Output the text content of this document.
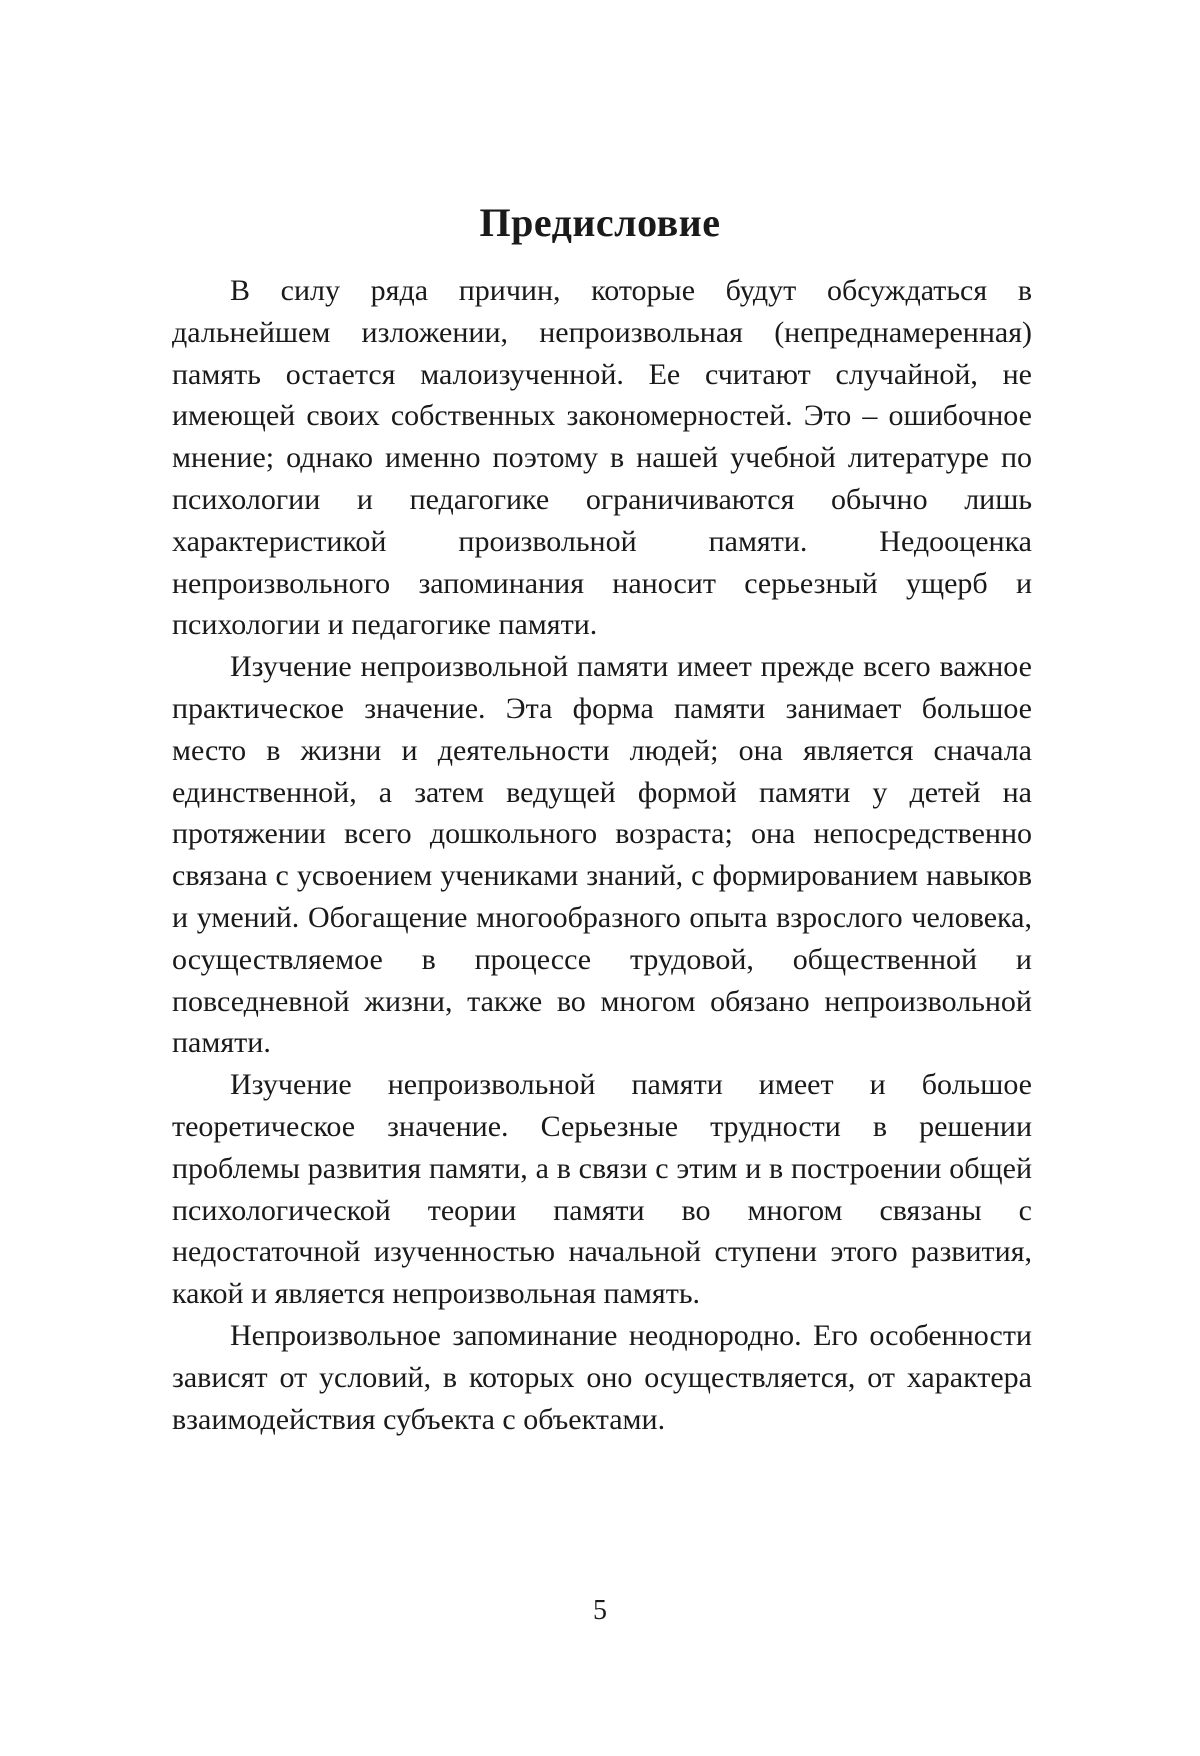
Предисловие

В силу ряда причин, которые будут обсуждаться в дальнейшем изложении, непроизвольная (непреднамеренная) память остается малоизученной. Ее считают случайной, не имеющей своих собственных закономерностей. Это – ошибочное мнение; однако именно поэтому в нашей учебной литературе по психологии и педагогике ограничиваются обычно лишь характеристикой произвольной памяти. Недооценка непроизвольного запоминания наносит серьезный ущерб и психологии и педагогике памяти.

Изучение непроизвольной памяти имеет прежде всего важное практическое значение. Эта форма памяти занимает большое место в жизни и деятельности людей; она является сначала единственной, а затем ведущей формой памяти у детей на протяжении всего дошкольного возраста; она непосредственно связана с усвоением учениками знаний, с формированием навыков и умений. Обогащение многообразного опыта взрослого человека, осуществляемое в процессе трудовой, общественной и повседневной жизни, также во многом обязано непроизвольной памяти.

Изучение непроизвольной памяти имеет и большое теоретическое значение. Серьезные трудности в решении проблемы развития памяти, а в связи с этим и в построении общей психологической теории памяти во многом связаны с недостаточной изученностью начальной ступени этого развития, какой и является непроизвольная память.

Непроизвольное запоминание неоднородно. Его особенности зависят от условий, в которых оно осуществляется, от характера взаимодействия субъекта с объектами.

5
